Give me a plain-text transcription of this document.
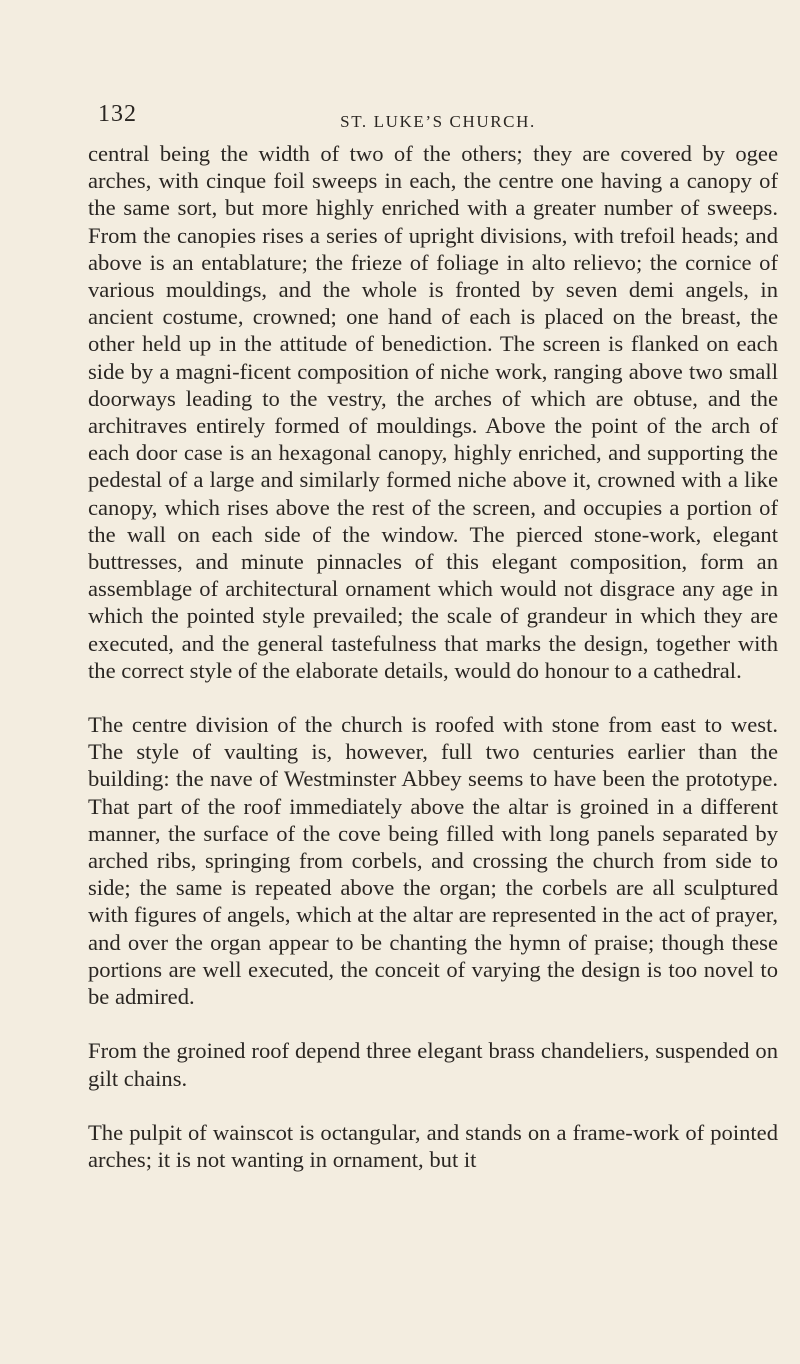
132	ST. LUKE’S CHURCH.

central being the width of two of the others; they are covered by ogee arches, with cinque foil sweeps in each, the centre one having a canopy of the same sort, but more highly enriched with a greater number of sweeps. From the canopies rises a series of upright divisions, with trefoil heads; and above is an entablature; the frieze of foliage in alto relievo; the cornice of various mouldings, and the whole is fronted by seven demi angels, in ancient costume, crowned; one hand of each is placed on the breast, the other held up in the attitude of benediction. The screen is flanked on each side by a magni-ficent composition of niche work, ranging above two small doorways leading to the vestry, the arches of which are obtuse, and the architraves entirely formed of mouldings. Above the point of the arch of each door case is an hexagonal canopy, highly enriched, and supporting the pedestal of a large and similarly formed niche above it, crowned with a like canopy, which rises above the rest of the screen, and occupies a portion of the wall on each side of the window. The pierced stone-work, elegant buttresses, and minute pinnacles of this elegant composition, form an assemblage of architectural ornament which would not disgrace any age in which the pointed style prevailed; the scale of grandeur in which they are executed, and the general tastefulness that marks the design, together with the correct style of the elaborate details, would do honour to a cathedral.

The centre division of the church is roofed with stone from east to west. The style of vaulting is, however, full two centuries earlier than the building: the nave of Westminster Abbey seems to have been the prototype. That part of the roof immediately above the altar is groined in a different manner, the surface of the cove being filled with long panels separated by arched ribs, springing from corbels, and crossing the church from side to side; the same is repeated above the organ; the corbels are all sculptured with figures of angels, which at the altar are represented in the act of prayer, and over the organ appear to be chanting the hymn of praise; though these portions are well executed, the conceit of varying the design is too novel to be admired.

From the groined roof depend three elegant brass chandeliers, suspended on gilt chains.

The pulpit of wainscot is octangular, and stands on a frame-work of pointed arches; it is not wanting in ornament, but it
